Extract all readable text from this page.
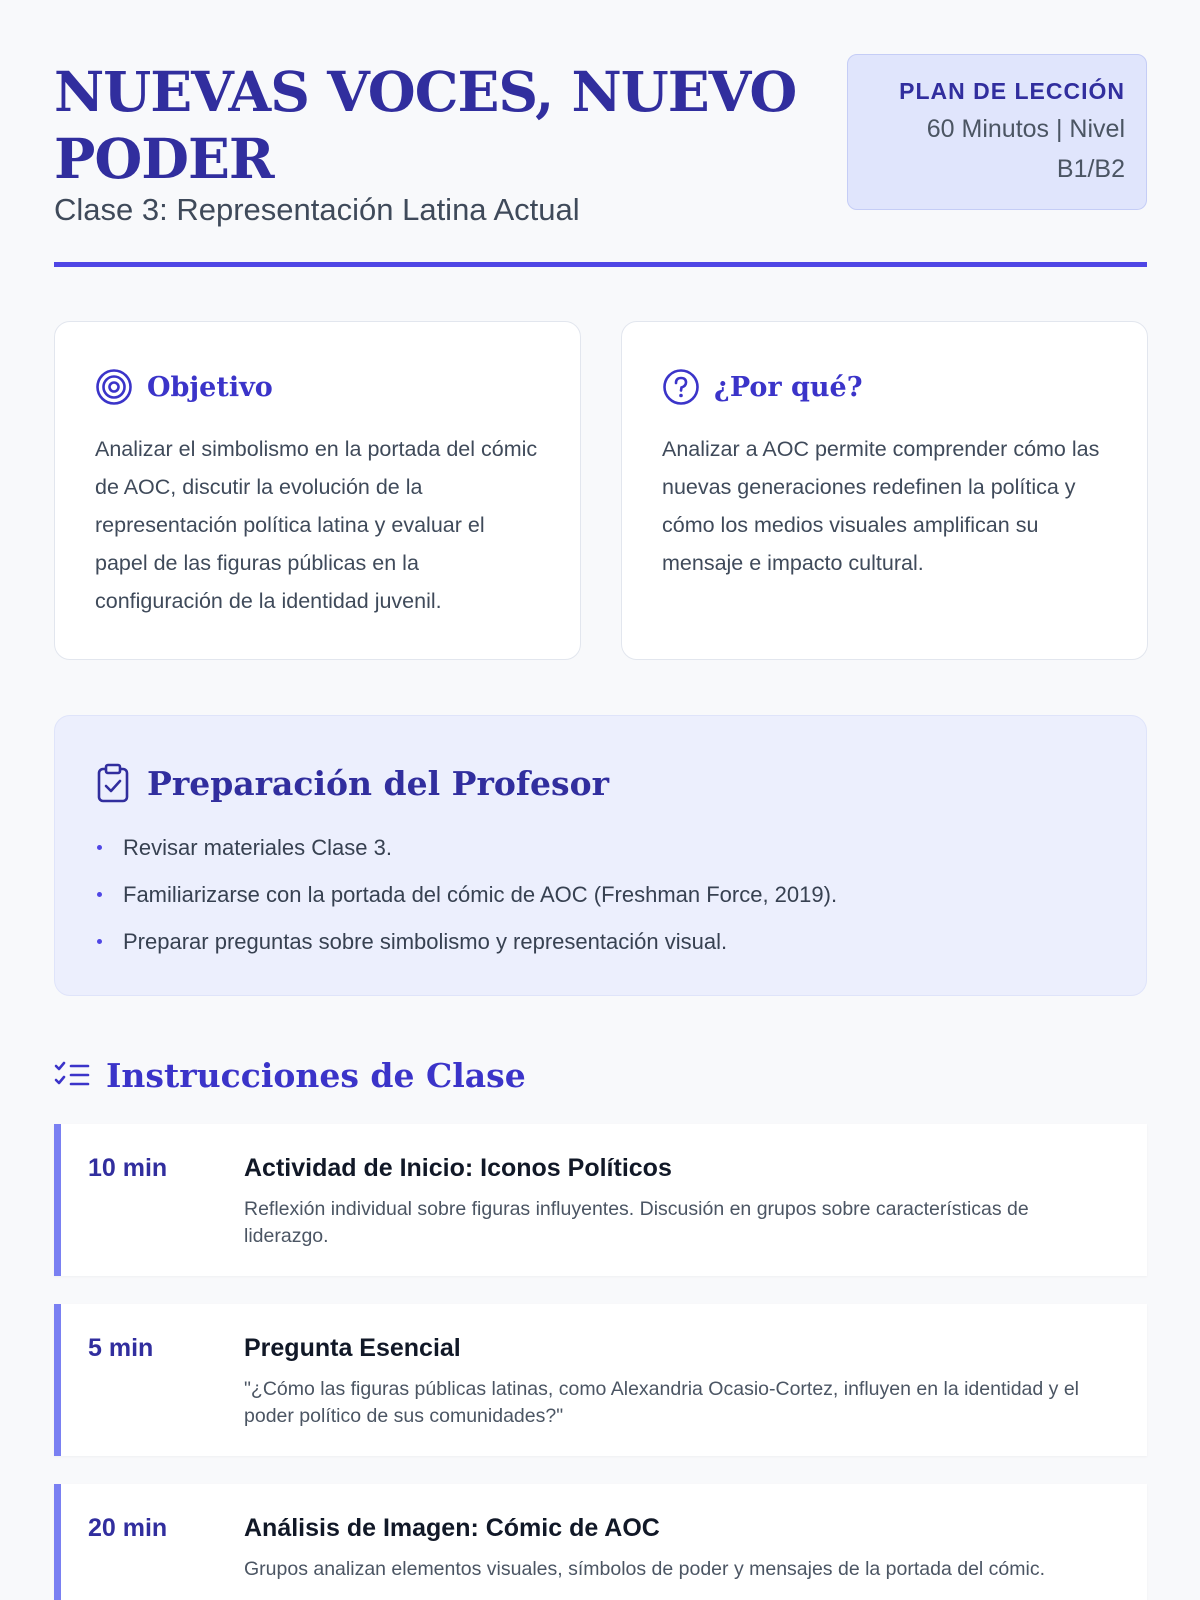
NUEVAS VOCES, NUEVO PODER
Clase 3: Representación Latina Actual
PLAN DE LECCIÓN
60 Minutos | Nivel B1/B2
Objetivo

Analizar el simbolismo en la portada del cómic de AOC, discutir la evolución de la representación política latina y evaluar el papel de las figuras públicas en la configuración de la identidad juvenil.

¿Por qué?

Analizar a AOC permite comprender cómo las nuevas generaciones redefinen la política y cómo los medios visuales amplifican su mensaje e impacto cultural.

Preparación del Profesor
Revisar materiales Clase 3.
Familiarizarse con la portada del cómic de AOC (Freshman Force, 2019).
Preparar preguntas sobre simbolismo y representación visual.
Instrucciones de Clase
10 min	Actividad de Inicio: Iconos Políticos
Reflexión individual sobre figuras influyentes. Discusión en grupos sobre características de liderazgo.
5 min	Pregunta Esencial
"¿Cómo las figuras públicas latinas, como Alexandria Ocasio-Cortez, influyen en la identidad y el poder político de sus comunidades?"
20 min	Análisis de Imagen: Cómic de AOC
Grupos analizan elementos visuales, símbolos de poder y mensajes de la portada del cómic.
